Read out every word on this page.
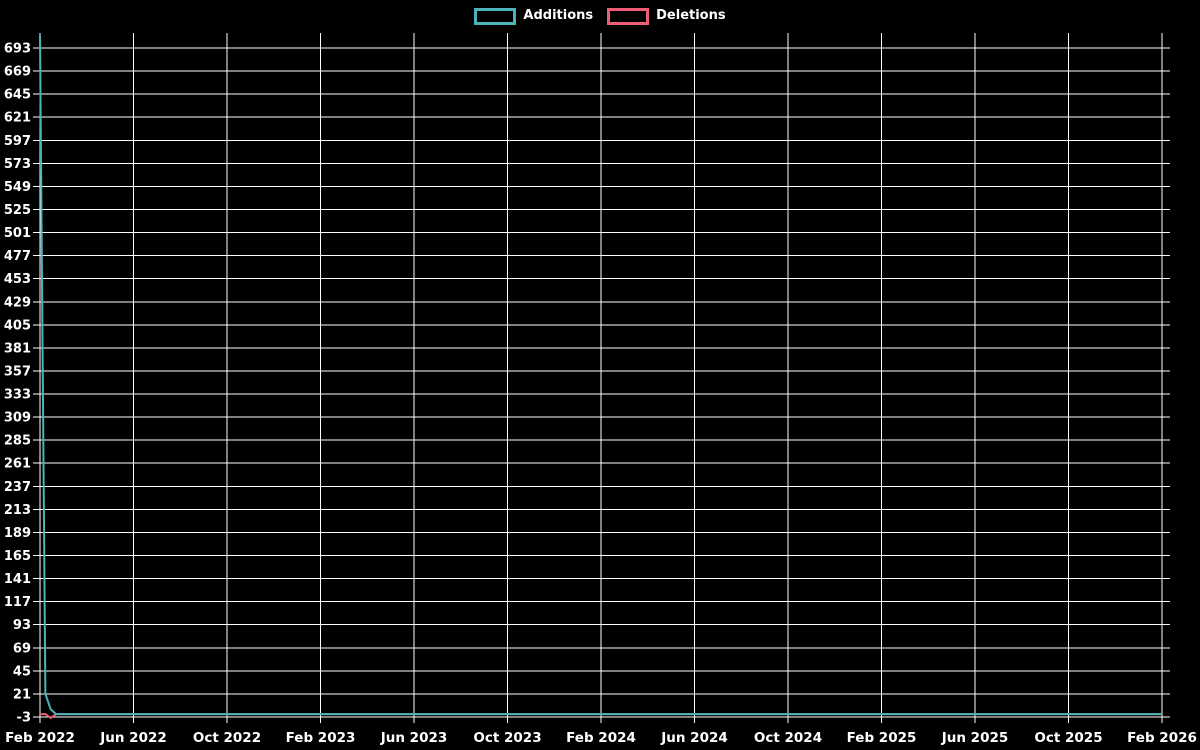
Additions	Deletions
693
669
645
621
597
573
549
525
501
477
453
429
405
381
357
333
309
285
261
237
213
189
165
141
117
93
69
45
21
-3
Feb 2022 Jun 2022 Oct 2022 Feb 2023 Jun 2023 Oct 2023 Feb 2024 Jun 2024 Oct 2024 Feb 2025 Jun 2025 Oct 2025 Feb 2026
